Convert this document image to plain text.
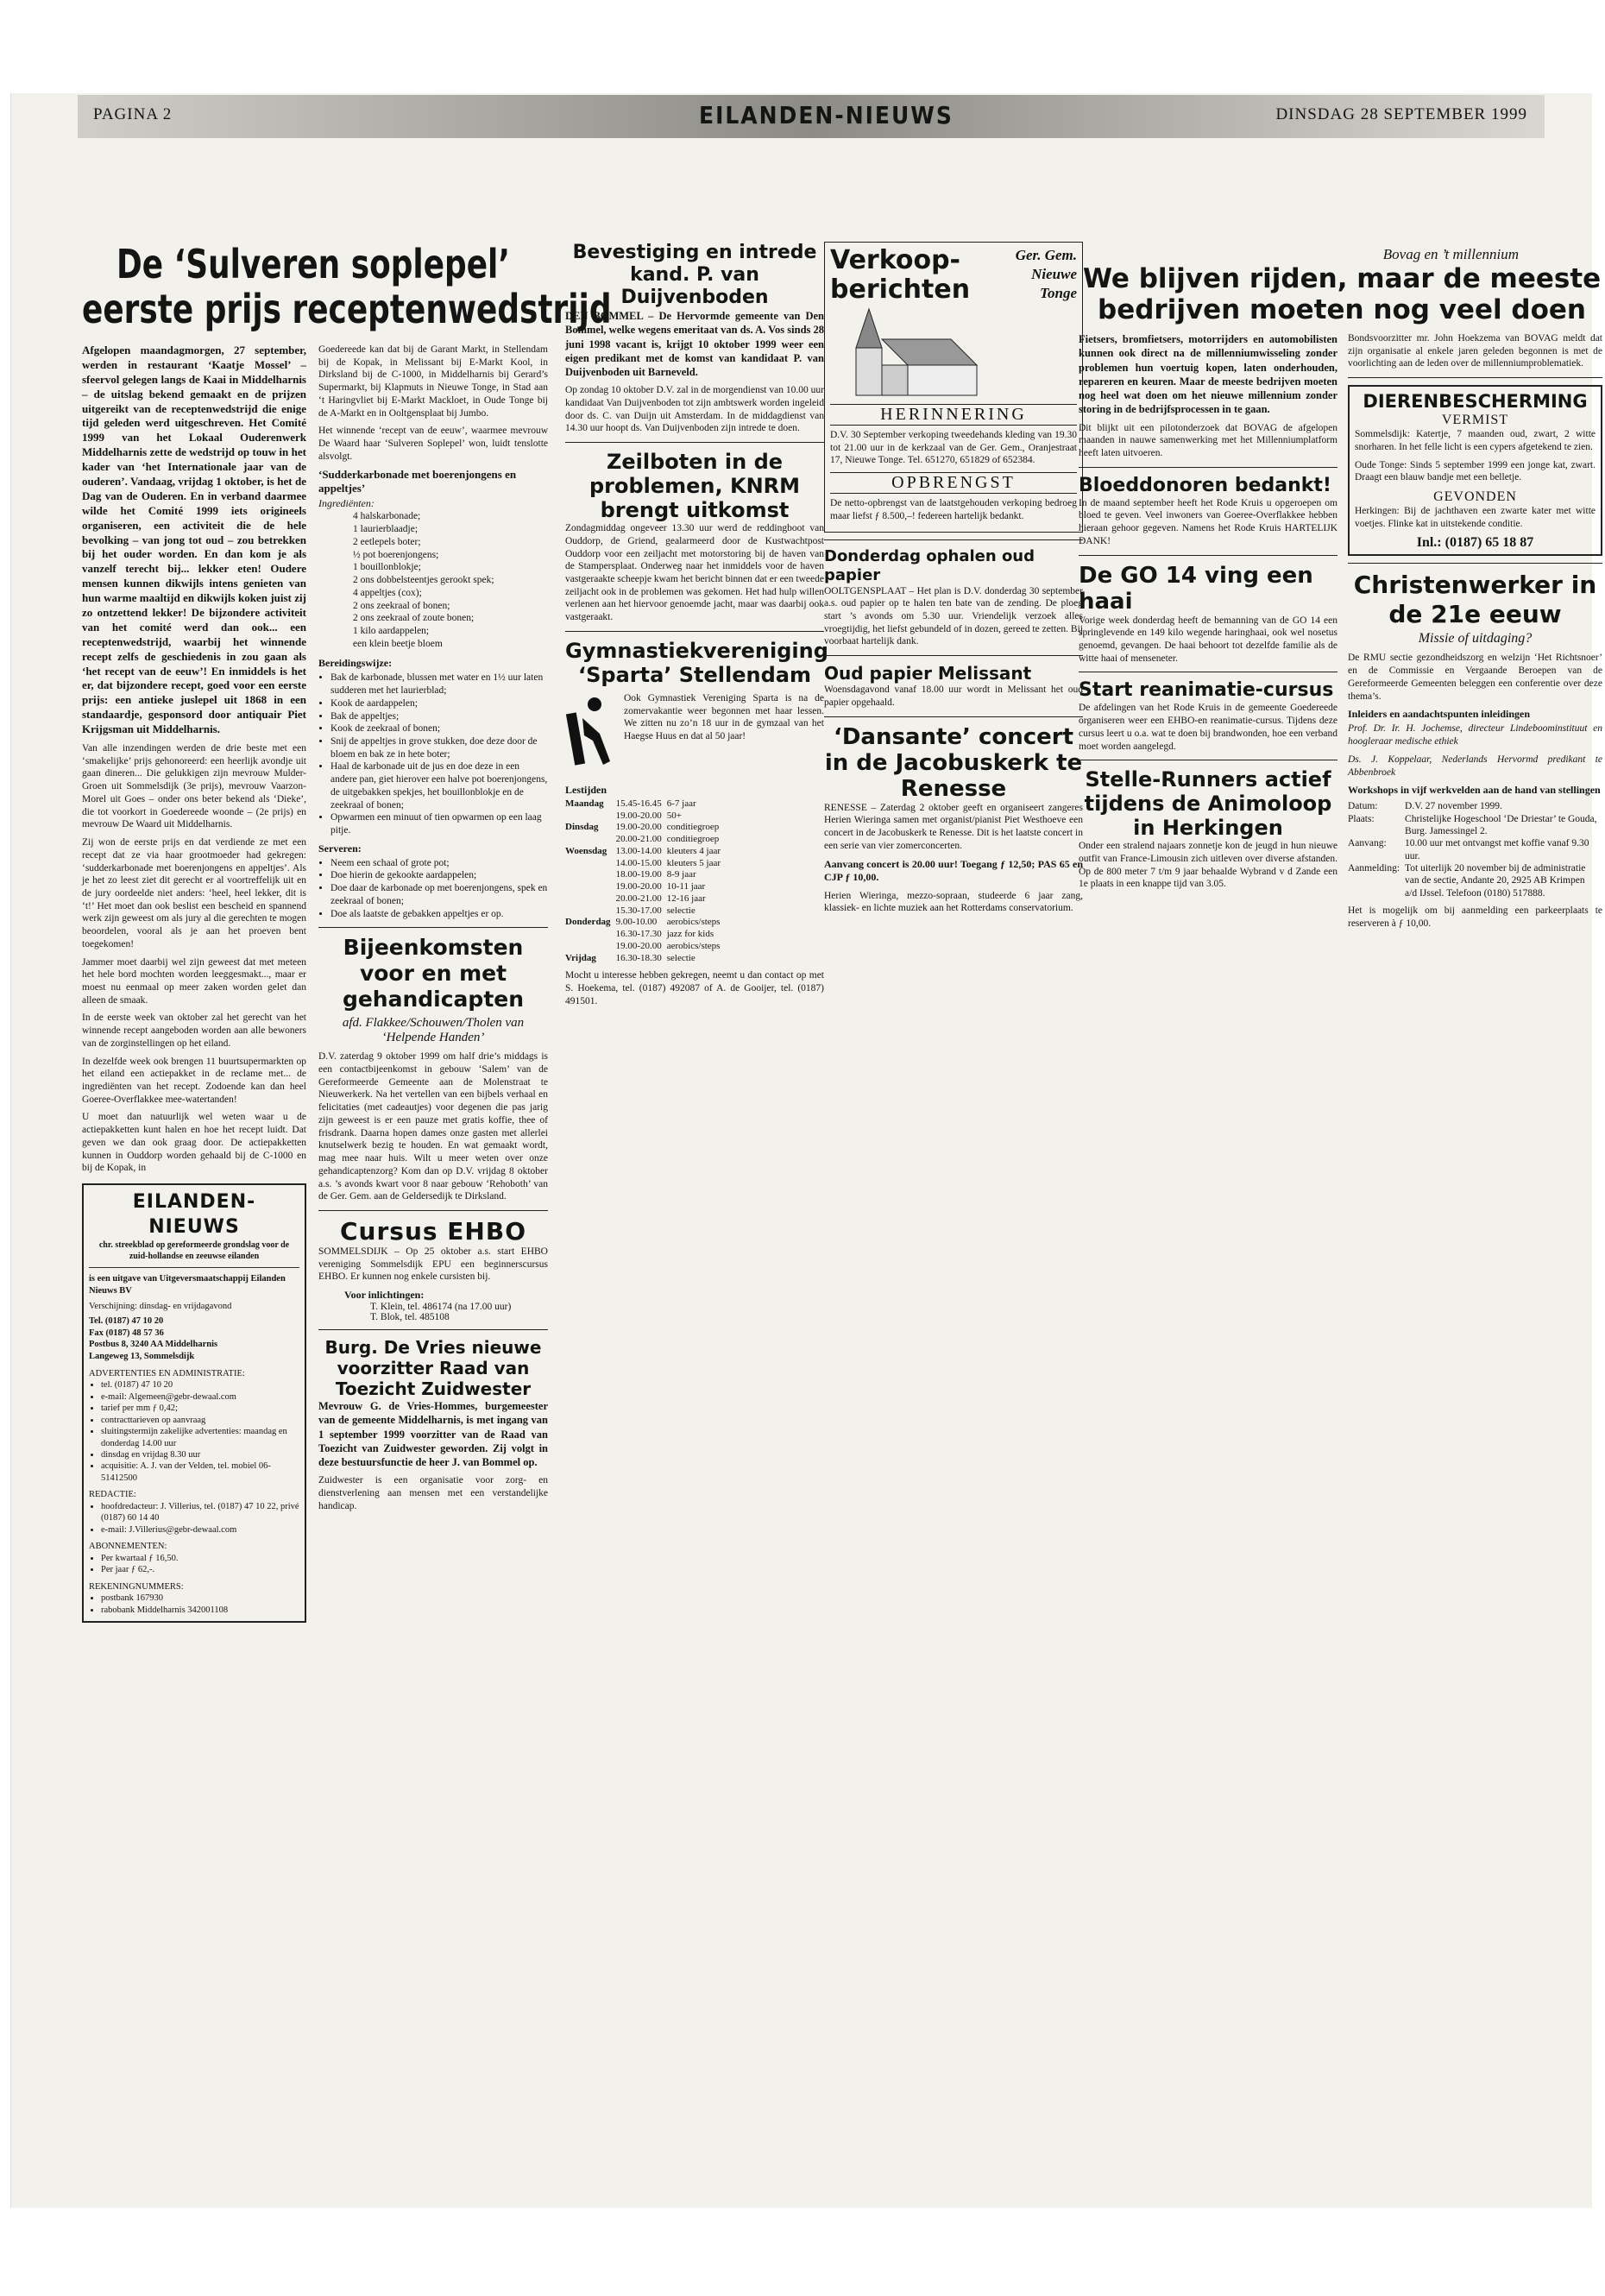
PAGINA 2	EILANDEN-NIEUWS	DINSDAG 28 SEPTEMBER 1999
De ‘Sulveren soplepel’
eerste prijs receptenwedstrijd

Afgelopen maandagmorgen, 27 september, werden in restaurant ‘Kaatje Mossel’ – sfeervol gelegen langs de Kaai in Middelharnis – de uitslag bekend gemaakt en de prijzen uitgereikt van de receptenwedstrijd die enige tijd geleden werd uitgeschreven. Het Comité 1999 van het Lokaal Ouderenwerk Middelharnis zette de wedstrijd op touw in het kader van ‘het Internationale jaar van de ouderen’. Vandaag, vrijdag 1 oktober, is het de Dag van de Ouderen. En in verband daarmee wilde het Comité 1999 iets origineels organiseren, een activiteit die de hele bevolking – van jong tot oud – zou betrekken bij het ouder worden. En dan kom je als vanzelf terecht bij... lekker eten! Oudere mensen kunnen dikwijls intens genieten van hun warme maaltijd en dikwijls koken juist zij zo ontzettend lekker! De bijzondere activiteit van het comité werd dan ook... een receptenwedstrijd, waarbij het winnende recept zelfs de geschiedenis in zou gaan als ‘het recept van de eeuw’! En inmiddels is het er, dat bijzondere recept, goed voor een eerste prijs: een antieke juslepel uit 1868 in een standaardje, gesponsord door antiquair Piet Krijgsman uit Middelharnis.

Van alle inzendingen werden de drie beste met een ‘smakelijke’ prijs gehonoreerd: een heerlijk avondje uit gaan dineren... Die gelukkigen zijn mevrouw Mulder-Groen uit Sommelsdijk (3e prijs), mevrouw Vaarzon-Morel uit Goes – onder ons beter bekend als ‘Dieke’, die tot voorkort in Goedereede woonde – (2e prijs) en mevrouw De Waard uit Middelharnis.

Zij won de eerste prijs en dat verdiende ze met een recept dat ze via haar grootmoeder had gekregen: ‘sudderkarbonade met boerenjongens en appeltjes’. Als je het zo leest ziet dit gerecht er al voortreffelijk uit en de jury oordeelde niet anders: ‘heel, heel lekker, dit is ‘t!’ Het moet dan ook beslist een bescheid en spannend werk zijn geweest om als jury al die gerechten te mogen beoordelen, vooral als je aan het proeven bent toegekomen!

Jammer moet daarbij wel zijn geweest dat met meteen het hele bord mochten worden leeggesmakt..., maar er moest nu eenmaal op meer zaken worden gelet dan alleen de smaak.

In de eerste week van oktober zal het gerecht van het winnende recept aangeboden worden aan alle bewoners van de zorginstellingen op het eiland.

In dezelfde week ook brengen 11 buurtsupermarkten op het eiland een actiepakket in de reclame met... de ingrediënten van het recept. Zodoende kan dan heel Goeree-Overflakkee mee-watertanden!

U moet dan natuurlijk wel weten waar u de actiepakketten kunt halen en hoe het recept luidt. Dat geven we dan ook graag door. De actiepakketten kunnen in Ouddorp worden gehaald bij de C-1000 en bij de Kopak, in

EILANDEN-NIEUWS
chr. streekblad op gereformeerde grondslag voor de zuid-hollandse en zeeuwse eilanden
is een uitgave van Uitgeversmaatschappij Eilanden Nieuws BV
Verschijning: dinsdag- en vrijdagavond
Tel. (0187) 47 10 20
Fax (0187) 48 57 36
Postbus 8, 3240 AA Middelharnis
Langeweg 13, Sommelsdijk
ADVERTENTIES EN ADMINISTRATIE:
• tel. (0187) 47 10 20
• e-mail: Algemeen@gebr-dewaal.com
• tarief per mm ƒ 0,42;
• contracttarieven op aanvraag
• sluitingstermijn zakelijke advertenties: maandag en donderdag 14.00 uur
• dinsdag en vrijdag 8.30 uur
• acquisitie: A. J. van der Velden, tel. mobiel 06-51412500
REDACTIE:
• hoofdredacteur: J. Villerius, tel. (0187) 47 10 22, privé (0187) 60 14 40
• e-mail: J.Villerius@gebr-dewaal.com
ABONNEMENTEN:
• Per kwartaal ƒ 16,50.
• Per jaar ƒ 62,-.
REKENINGNUMMERS:
• postbank 167930
• rabobank Middelharnis 342001108

Goedereede kan dat bij de Garant Markt, in Stellendam bij de Kopak, in Melissant bij E-Markt Kool, in Dirksland bij de C-1000, in Middelharnis bij Gerard’s Supermarkt, bij Klapmuts in Nieuwe Tonge, in Stad aan ‘t Haringvliet bij E-Markt Mackloet, in Oude Tonge bij de A-Markt en in Ooltgensplaat bij Jumbo.

Het winnende ‘recept van de eeuw’, waarmee mevrouw De Waard haar ‘Sulveren Soplepel’ won, luidt tenslotte alsvolgt.

‘Sudderkarbonade met boerenjongens en appeltjes’
Ingrediënten:
4 halskarbonade;
1 laurierblaadje;
2 eetlepels boter;
½ pot boerenjongens;
1 bouillonblokje;
2 ons dobbelsteentjes gerookt spek;
4 appeltjes (cox);
2 ons zeekraal of bonen;
2 ons zeekraal of zoute bonen;
1 kilo aardappelen;
een klein beetje bloem
Bereidingswijze:
• Bak de karbonade, blussen met water en 1½ uur laten sudderen met het laurierblad;
• Kook de aardappelen;
• Bak de appeltjes;
• Kook de zeekraal of bonen;
• Snij de appeltjes in grove stukken, doe deze door de bloem en bak ze in hete boter;
• Haal de karbonade uit de jus en doe deze in een andere pan, giet hierover een halve pot boerenjongens, de uitgebakken spekjes, het bouillonblokje en de zeekraal of bonen;
• Opwarmen een minuut of tien opwarmen op een laag pitje.
Serveren:
• Neem een schaal of grote pot;
• Doe hierin de gekookte aardappelen;
• Doe daar de karbonade op met boerenjongens, spek en zeekraal of bonen;
• Doe als laatste de gebakken appeltjes er op.
Bijeenkomsten voor en met gehandicapten
afd. Flakkee/Schouwen/Tholen van ‘Helpende Handen’

D.V. zaterdag 9 oktober 1999 om half drie’s middags is een contactbijeenkomst in gebouw ‘Salem’ van de Gereformeerde Gemeente aan de Molenstraat te Nieuwerkerk. Na het vertellen van een bijbels verhaal en felicitaties (met cadeautjes) voor degenen die pas jarig zijn geweest is er een pauze met gratis koffie, thee of frisdrank. Daarna hopen dames onze gasten met allerlei knutselwerk bezig te houden. En wat gemaakt wordt, mag mee naar huis. Wilt u meer weten over onze gehandicaptenzorg? Kom dan op D.V. vrijdag 8 oktober a.s. ’s avonds kwart voor 8 naar gebouw ‘Rehoboth’ van de Ger. Gem. aan de Geldersedijk te Dirksland.

Cursus EHBO

SOMMELSDIJK – Op 25 oktober a.s. start EHBO vereniging Sommelsdijk EPU een beginnerscursus EHBO. Er kunnen nog enkele cursisten bij.

Voor inlichtingen:
T. Klein, tel. 486174 (na 17.00 uur)
T. Blok, tel. 485108
Burg. De Vries nieuwe voorzitter Raad van Toezicht Zuidwester

Mevrouw G. de Vries-Hommes, burgemeester van de gemeente Middelharnis, is met ingang van 1 september 1999 voorzitter van de Raad van Toezicht van Zuidwester geworden. Zij volgt in deze bestuursfunctie de heer J. van Bommel op.

Zuidwester is een organisatie voor zorg- en dienstverlening aan mensen met een verstandelijke handicap.

Bevestiging en intrede kand. P. van Duijvenboden

DEN BOMMEL – De Hervormde gemeente van Den Bommel, welke wegens emeritaat van ds. A. Vos sinds 28 juni 1998 vacant is, krijgt 10 oktober 1999 weer een eigen predikant met de komst van kandidaat P. van Duijvenboden uit Barneveld.

Op zondag 10 oktober D.V. zal in de morgendienst van 10.00 uur kandidaat Van Duijvenboden tot zijn ambtswerk worden ingeleid door ds. C. van Duijn uit Amsterdam. In de middagdienst van 14.30 uur hoopt ds. Van Duijvenboden zijn intrede te doen.

Zeilboten in de problemen, KNRM brengt uitkomst

Zondagmiddag ongeveer 13.30 uur werd de reddingboot van Ouddorp, de Griend, gealarmeerd door de Kustwachtpost Ouddorp voor een zeiljacht met motorstoring bij de haven van de Stampersplaat. Onderweg naar het inmiddels voor de haven vastgeraakte scheepje kwam het bericht binnen dat er een tweede zeiljacht ook in de problemen was gekomen. Het had hulp willen verlenen aan het hiervoor genoemde jacht, maar was daarbij ook vastgeraakt.

Gymnastiekvereniging ‘Sparta’ Stellendam

Ook Gymnastiek Vereniging Sparta is na de zomervakantie weer begonnen met haar lessen. We zitten nu zo’n 18 uur in de gymzaal van het Haegse Huus en dat al 50 jaar!

Lestijden
Maandag	15.45-16.45	6-7 jaar
	19.00-20.00	50+
Dinsdag	19.00-20.00	conditiegroep
	20.00-21.00	conditiegroep
Woensdag	13.00-14.00	kleuters 4 jaar
	14.00-15.00	kleuters 5 jaar
	18.00-19.00	8-9 jaar
	19.00-20.00	10-11 jaar
	20.00-21.00	12-16 jaar
	15.30-17.00	selectie
Donderdag	9.00-10.00	aerobics/steps
	16.30-17.30	jazz for kids
	19.00-20.00	aerobics/steps
Vrijdag	16.30-18.30	selectie

Mocht u interesse hebben gekregen, neemt u dan contact op met S. Hoekema, tel. (0187) 492087 of A. de Gooijer, tel. (0187) 491501.

Verkoop-berichten
Ger. Gem. Nieuwe Tonge
HERINNERING

D.V. 30 September verkoping tweedehands kleding van 19.30 tot 21.00 uur in de kerkzaal van de Ger. Gem., Oranjestraat 17, Nieuwe Tonge. Tel. 651270, 651829 of 652384.

OPBRENGST

De netto-opbrengst van de laatstgehouden verkoping bedroeg maar liefst ƒ 8.500,–! federeen hartelijk bedankt.

Donderdag ophalen oud papier

OOLTGENSPLAAT – Het plan is D.V. donderdag 30 september a.s. oud papier op te halen ten bate van de zending. De ploeg start ’s avonds om 5.30 uur. Vriendelijk verzoek alles vroegtijdig, het liefst gebundeld of in dozen, gereed te zetten. Bij voorbaat hartelijk dank.

Oud papier Melissant

Woensdagavond vanaf 18.00 uur wordt in Melissant het oud papier opgehaald.

‘Dansante’ concert in de Jacobuskerk te Renesse

RENESSE – Zaterdag 2 oktober geeft en organiseert zangeres Herien Wieringa samen met organist/pianist Piet Westhoeve een concert in de Jacobuskerk te Renesse. Dit is het laatste concert in een serie van vier zomerconcerten.

Aanvang concert is 20.00 uur! Toegang ƒ 12,50; PAS 65 en CJP ƒ 10,00.

Herien Wieringa, mezzo-sopraan, studeerde 6 jaar zang, klassiek- en lichte muziek aan het Rotterdams conservatorium.

Bovag en ’t millennium
We blijven rijden, maar de meeste bedrijven moeten nog veel doen

Fietsers, bromfietsers, motorrijders en automobilisten kunnen ook direct na de millenniumwisseling zonder problemen hun voertuig kopen, laten onderhouden, repareren en keuren. Maar de meeste bedrijven moeten nog heel wat doen om het nieuwe millennium zonder storing in de bedrijfsprocessen in te gaan.

Dit blijkt uit een pilotonderzoek dat BOVAG de afgelopen maanden in nauwe samenwerking met het Millenniumplatform heeft laten uitvoeren.

Bloeddonoren bedankt!

In de maand september heeft het Rode Kruis u opgeroepen om bloed te geven. Veel inwoners van Goeree-Overflakkee hebben hieraan gehoor gegeven. Namens het Rode Kruis HARTELIJK DANK!

De GO 14 ving een haai

Vorige week donderdag heeft de bemanning van de GO 14 een springlevende en 149 kilo wegende haringhaai, ook wel nosetus genoemd, gevangen. De haai behoort tot dezelfde familie als de witte haai of menseneter.

Start reanimatie-cursus

De afdelingen van het Rode Kruis in de gemeente Goedereede organiseren weer een EHBO-en reanimatie-cursus. Tijdens deze cursus leert u o.a. wat te doen bij brandwonden, hoe een verband moet worden aangelegd.

Stelle-Runners actief tijdens de Animoloop in Herkingen

Onder een stralend najaars zonnetje kon de jeugd in hun nieuwe outfit van France-Limousin zich uitleven over diverse afstanden. Op de 800 meter 7 t/m 9 jaar behaalde Wybrand v d Zande een 1e plaats in een knappe tijd van 3.05.

Bondsvoorzitter mr. John Hoekzema van BOVAG meldt dat zijn organisatie al enkele jaren geleden begonnen is met de voorlichting aan de leden over de millenniumproblematiek.

DIERENBESCHERMING
VERMIST

Sommelsdijk: Katertje, 7 maanden oud, zwart, 2 witte snorharen. In het felle licht is een cypers afgetekend te zien.

Oude Tonge: Sinds 5 september 1999 een jonge kat, zwart. Draagt een blauw bandje met een belletje.

GEVONDEN

Herkingen: Bij de jachthaven een zwarte kater met witte voetjes. Flinke kat in uitstekende conditie.

Inl.: (0187) 65 18 87
Christenwerker in de 21e eeuw
Missie of uitdaging?

De RMU sectie gezondheidszorg en welzijn ‘Het Richtsnoer’ en de Commissie en Vergaande Beroepen van de Gereformeerde Gemeenten beleggen een conferentie over deze thema’s.

Inleiders en aandachtspunten inleidingen

Prof. Dr. Ir. H. Jochemse, directeur Lindeboominstituut en hoogleraar medische ethiek

Ds. J. Koppelaar, Nederlands Hervormd predikant te Abbenbroek

Workshops in vijf werkvelden aan de hand van stellingen
Datum:	D.V. 27 november 1999.
Plaats:	Christelijke Hogeschool ‘De Driestar’ te Gouda, Burg. Jamessingel 2.
Aanvang:	10.00 uur met ontvangst met koffie vanaf 9.30 uur.
Aanmelding:	Tot uiterlijk 20 november bij de administratie van de sectie, Andante 20, 2925 AB Krimpen a/d IJssel. Telefoon (0180) 517888.

Het is mogelijk om bij aanmelding een parkeerplaats te reserveren à ƒ 10,00.
